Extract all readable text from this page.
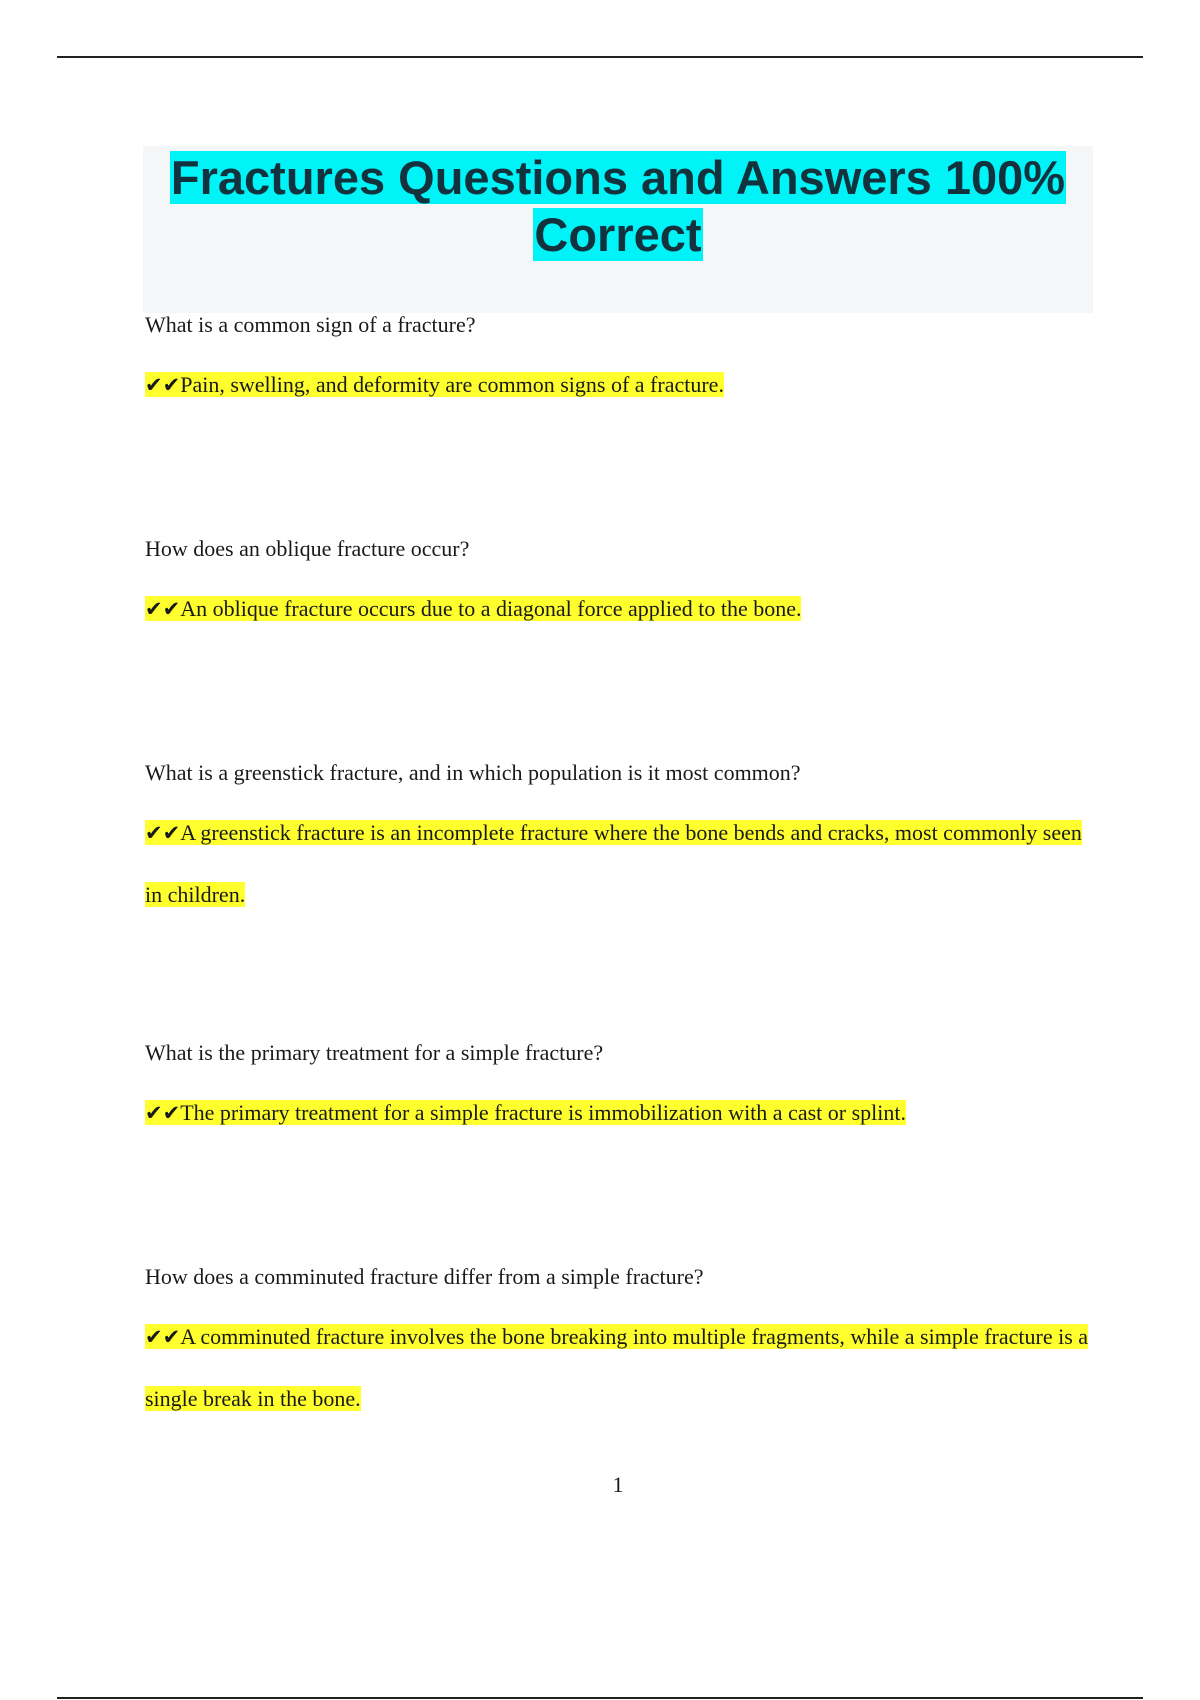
Fractures Questions and Answers 100%
Correct

What is a common sign of a fracture?

✔✔Pain, swelling, and deformity are common signs of a fracture.

How does an oblique fracture occur?

✔✔An oblique fracture occurs due to a diagonal force applied to the bone.

What is a greenstick fracture, and in which population is it most common?

✔✔A greenstick fracture is an incomplete fracture where the bone bends and cracks, most commonly seen in children.

What is the primary treatment for a simple fracture?

✔✔The primary treatment for a simple fracture is immobilization with a cast or splint.

How does a comminuted fracture differ from a simple fracture?

✔✔A comminuted fracture involves the bone breaking into multiple fragments, while a simple fracture is a single break in the bone.

1
